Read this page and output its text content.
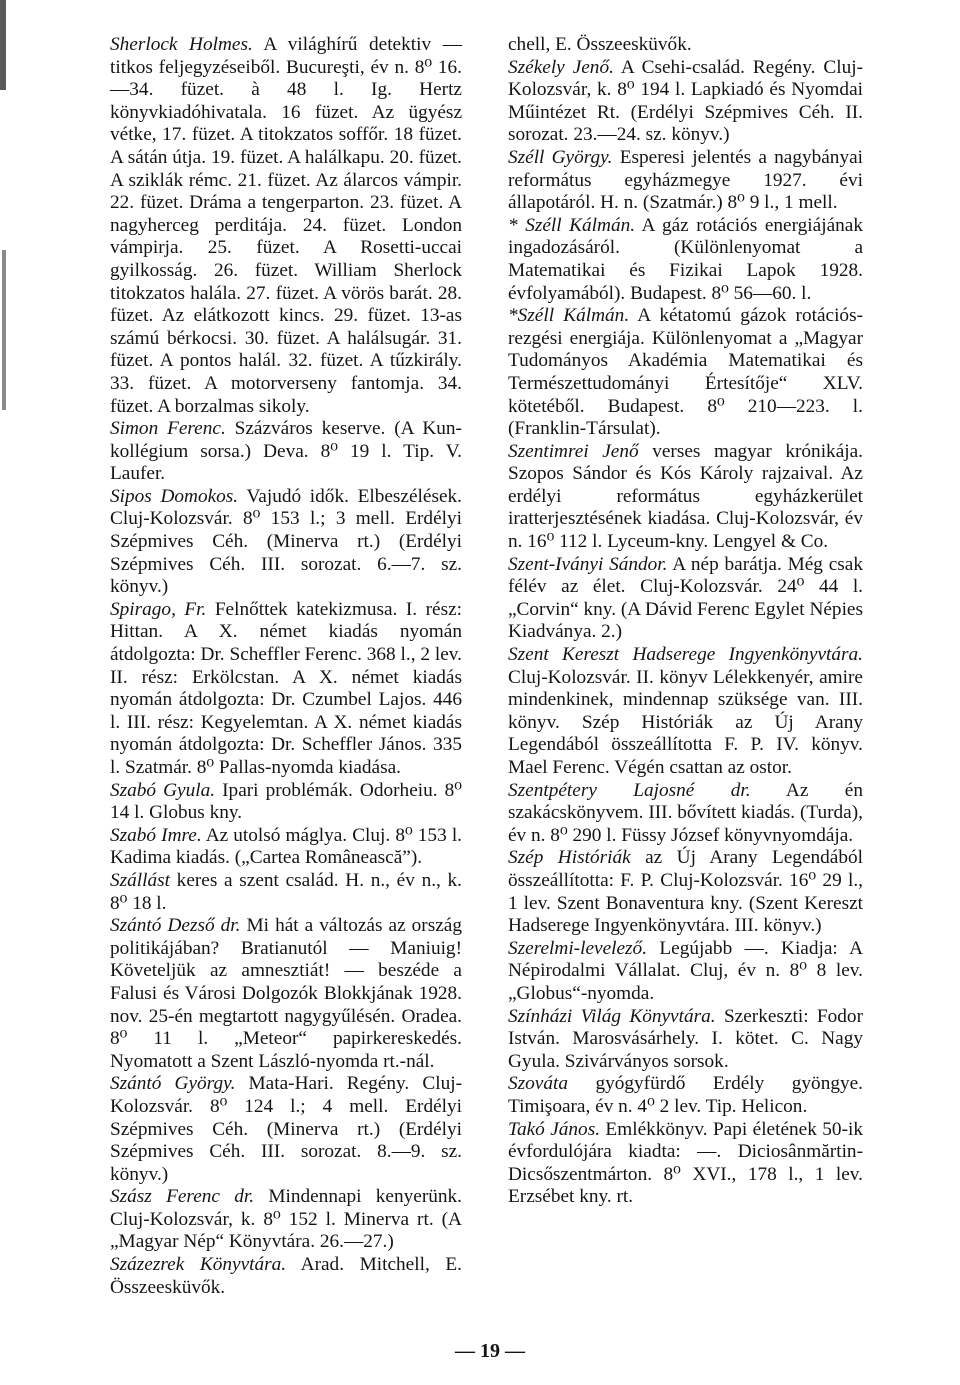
Sherlock Holmes. A világhírű detektiv — titkos feljegyzéseiből. Bucureşti, év n. 8⁰ 16.—34. füzet. à 48 l. Ig. Hertz könyvkiadóhivatala. 16 füzet. Az ügyész vétke, 17. füzet. A titokzatos soffőr. 18 füzet. A sátán útja. 19. füzet. A halálkapu. 20. füzet. A sziklák rémc. 21. füzet. Az álarcos vámpir. 22. füzet. Dráma a tengerparton. 23. füzet. A nagyherceg perditája. 24. füzet. London vámpirja. 25. füzet. A Rosetti-uccai gyilkosság. 26. füzet. William Sherlock titokzatos halála. 27. füzet. A vörös barát. 28. füzet. Az elátkozott kincs. 29. füzet. 13-as számú bérkocsi. 30. füzet. A halálsugár. 31. füzet. A pontos halál. 32. füzet. A tűzkirály. 33. füzet. A motorverseny fantomja. 34. füzet. A borzalmas sikoly.

Simon Ferenc. Százváros keserve. (A Kun-kollégium sorsa.) Deva. 8⁰ 19 l. Tip. V. Laufer.

Sipos Domokos. Vajudó idők. Elbeszélések. Cluj-Kolozsvár. 8⁰ 153 l.; 3 mell. Erdélyi Szépmives Céh. (Minerva rt.) (Erdélyi Szépmives Céh. III. sorozat. 6.—7. sz. könyv.)

Spirago, Fr. Felnőttek katekizmusa. I. rész: Hittan. A X. német kiadás nyomán átdolgozta: Dr. Scheffler Ferenc. 368 l., 2 lev. II. rész: Erkölcstan. A X. német kiadás nyomán átdolgozta: Dr. Czumbel Lajos. 446 l. III. rész: Kegyelemtan. A X. német kiadás nyomán átdolgozta: Dr. Scheffler János. 335 l. Szatmár. 8⁰ Pallas-nyomda kiadása.

Szabó Gyula. Ipari problémák. Odorheiu. 8⁰ 14 l. Globus kny.

Szabó Imre. Az utolsó máglya. Cluj. 8⁰ 153 l. Kadima kiadás. („Cartea Românească”).

Szállást keres a szent család. H. n., év n., k. 8⁰ 18 l.

Szántó Dezső dr. Mi hát a változás az ország politikájában? Bratianutól — Maniuig! Követeljük az amnesztiát! — beszéde a Falusi és Városi Dolgozók Blokkjának 1928. nov. 25-én megtartott nagygyűlésén. Oradea. 8⁰ 11 l. „Meteor“ papirkereskedés. Nyomatott a Szent László-nyomda rt.-nál.

Szántó György. Mata-Hari. Regény. Cluj-Kolozsvár. 8⁰ 124 l.; 4 mell. Erdélyi Szépmives Céh. (Minerva rt.) (Erdélyi Szépmives Céh. III. sorozat. 8.—9. sz. könyv.)

Szász Ferenc dr. Mindennapi kenyerünk. Cluj-Kolozsvár, k. 8⁰ 152 l. Minerva rt. (A „Magyar Nép“ Könyvtára. 26.—27.)

Százezrek Könyvtára. Arad. Mitchell, E. Összeesküvők.

chell, E. Összeesküvők.

Székely Jenő. A Csehi-család. Regény. Cluj-Kolozsvár, k. 8⁰ 194 l. Lapkiadó és Nyomdai Műintézet Rt. (Erdélyi Szépmives Céh. II. sorozat. 23.—24. sz. könyv.)

Széll György. Esperesi jelentés a nagybányai református egyházmegye 1927. évi állapotáról. H. n. (Szatmár.) 8⁰ 9 l., 1 mell.

* Széll Kálmán. A gáz rotációs energiájának ingadozásáról. (Különlenyomat a Matematikai és Fizikai Lapok 1928. évfolyamából). Budapest. 8⁰ 56—60. l.

*Széll Kálmán. A kétatomú gázok rotációs-rezgési energiája. Különlenyomat a „Magyar Tudományos Akadémia Matematikai és Természettudományi Értesítője“ XLV. kötetéből. Budapest. 8⁰ 210—223. l. (Franklin-Társulat).

Szentimrei Jenő verses magyar krónikája. Szopos Sándor és Kós Károly rajzaival. Az erdélyi református egyházkerület iratterjesztésének kiadása. Cluj-Kolozsvár, év n. 16⁰ 112 l. Lyceum-kny. Lengyel & Co.

Szent-Iványi Sándor. A nép barátja. Még csak félév az élet. Cluj-Kolozsvár. 24⁰ 44 l. „Corvin“ kny. (A Dávid Ferenc Egylet Népies Kiadványa. 2.)

Szent Kereszt Hadserege Ingyenkönyvtára. Cluj-Kolozsvár. II. könyv Lélekkenyér, amire mindenkinek, mindennap szüksége van. III. könyv. Szép Históriák az Új Arany Legendából összeállította F. P. IV. könyv. Mael Ferenc. Végén csattan az ostor.

Szentpétery Lajosné dr. Az én szakácskönyvem. III. bővített kiadás. (Turda), év n. 8⁰ 290 l. Füssy József könyvnyomdája.

Szép Históriák az Új Arany Legendából összeállította: F. P. Cluj-Kolozsvár. 16⁰ 29 l., 1 lev. Szent Bonaventura kny. (Szent Kereszt Hadserege Ingyenkönyvtára. III. könyv.)

Szerelmi-levelező. Legújabb —. Kiadja: A Népirodalmi Vállalat. Cluj, év n. 8⁰ 8 lev. „Globus“-nyomda.

Színházi Világ Könyvtára. Szerkeszti: Fodor István. Marosvásárhely. I. kötet. C. Nagy Gyula. Szivárványos sorsok.

Szováta gyógyfürdő Erdély gyöngye. Timişoara, év n. 4⁰ 2 lev. Tip. Helicon.

Takó János. Emlékkönyv. Papi életének 50-ik évfordulójára kiadta: —. Diciosânmărtin-Dicsőszentmárton. 8⁰ XVI., 178 l., 1 lev. Erzsébet kny. rt.

— 19 —
